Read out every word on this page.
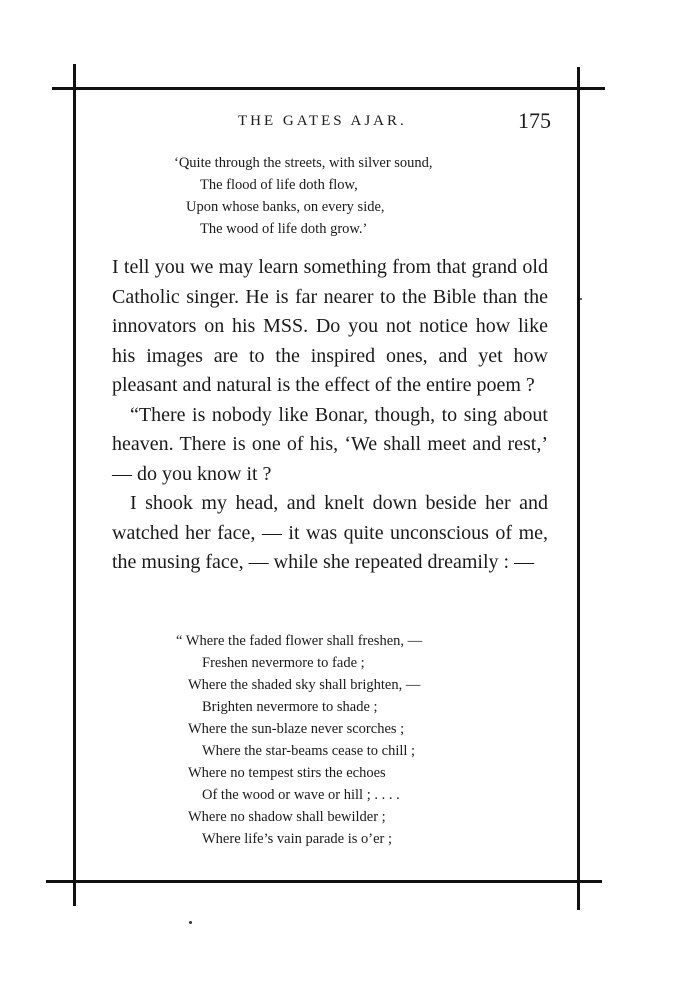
THE GATES AJAR.	175
‘Quite through the streets, with silver sound,
The flood of life doth flow,
Upon whose banks, on every side,
The wood of life doth grow.’

I tell you we may learn something from that grand old Catholic singer. He is far nearer to the Bible than the innovators on his MSS. Do you not notice how like his images are to the inspired ones, and yet how pleasant and natural is the effect of the entire poem ?

“There is nobody like Bonar, though, to sing about heaven. There is one of his, ‘We shall meet and rest,’ — do you know it ?

I shook my head, and knelt down beside her and watched her face, — it was quite unconscious of me, the musing face, — while she repeated dreamily : —

“ Where the faded flower shall freshen, —
Freshen nevermore to fade ;
Where the shaded sky shall brighten, —
Brighten nevermore to shade ;
Where the sun-blaze never scorches ;
Where the star-beams cease to chill ;
Where no tempest stirs the echoes
Of the wood or wave or hill ; . . . .
Where no shadow shall bewilder ;
Where life’s vain parade is o’er ;
